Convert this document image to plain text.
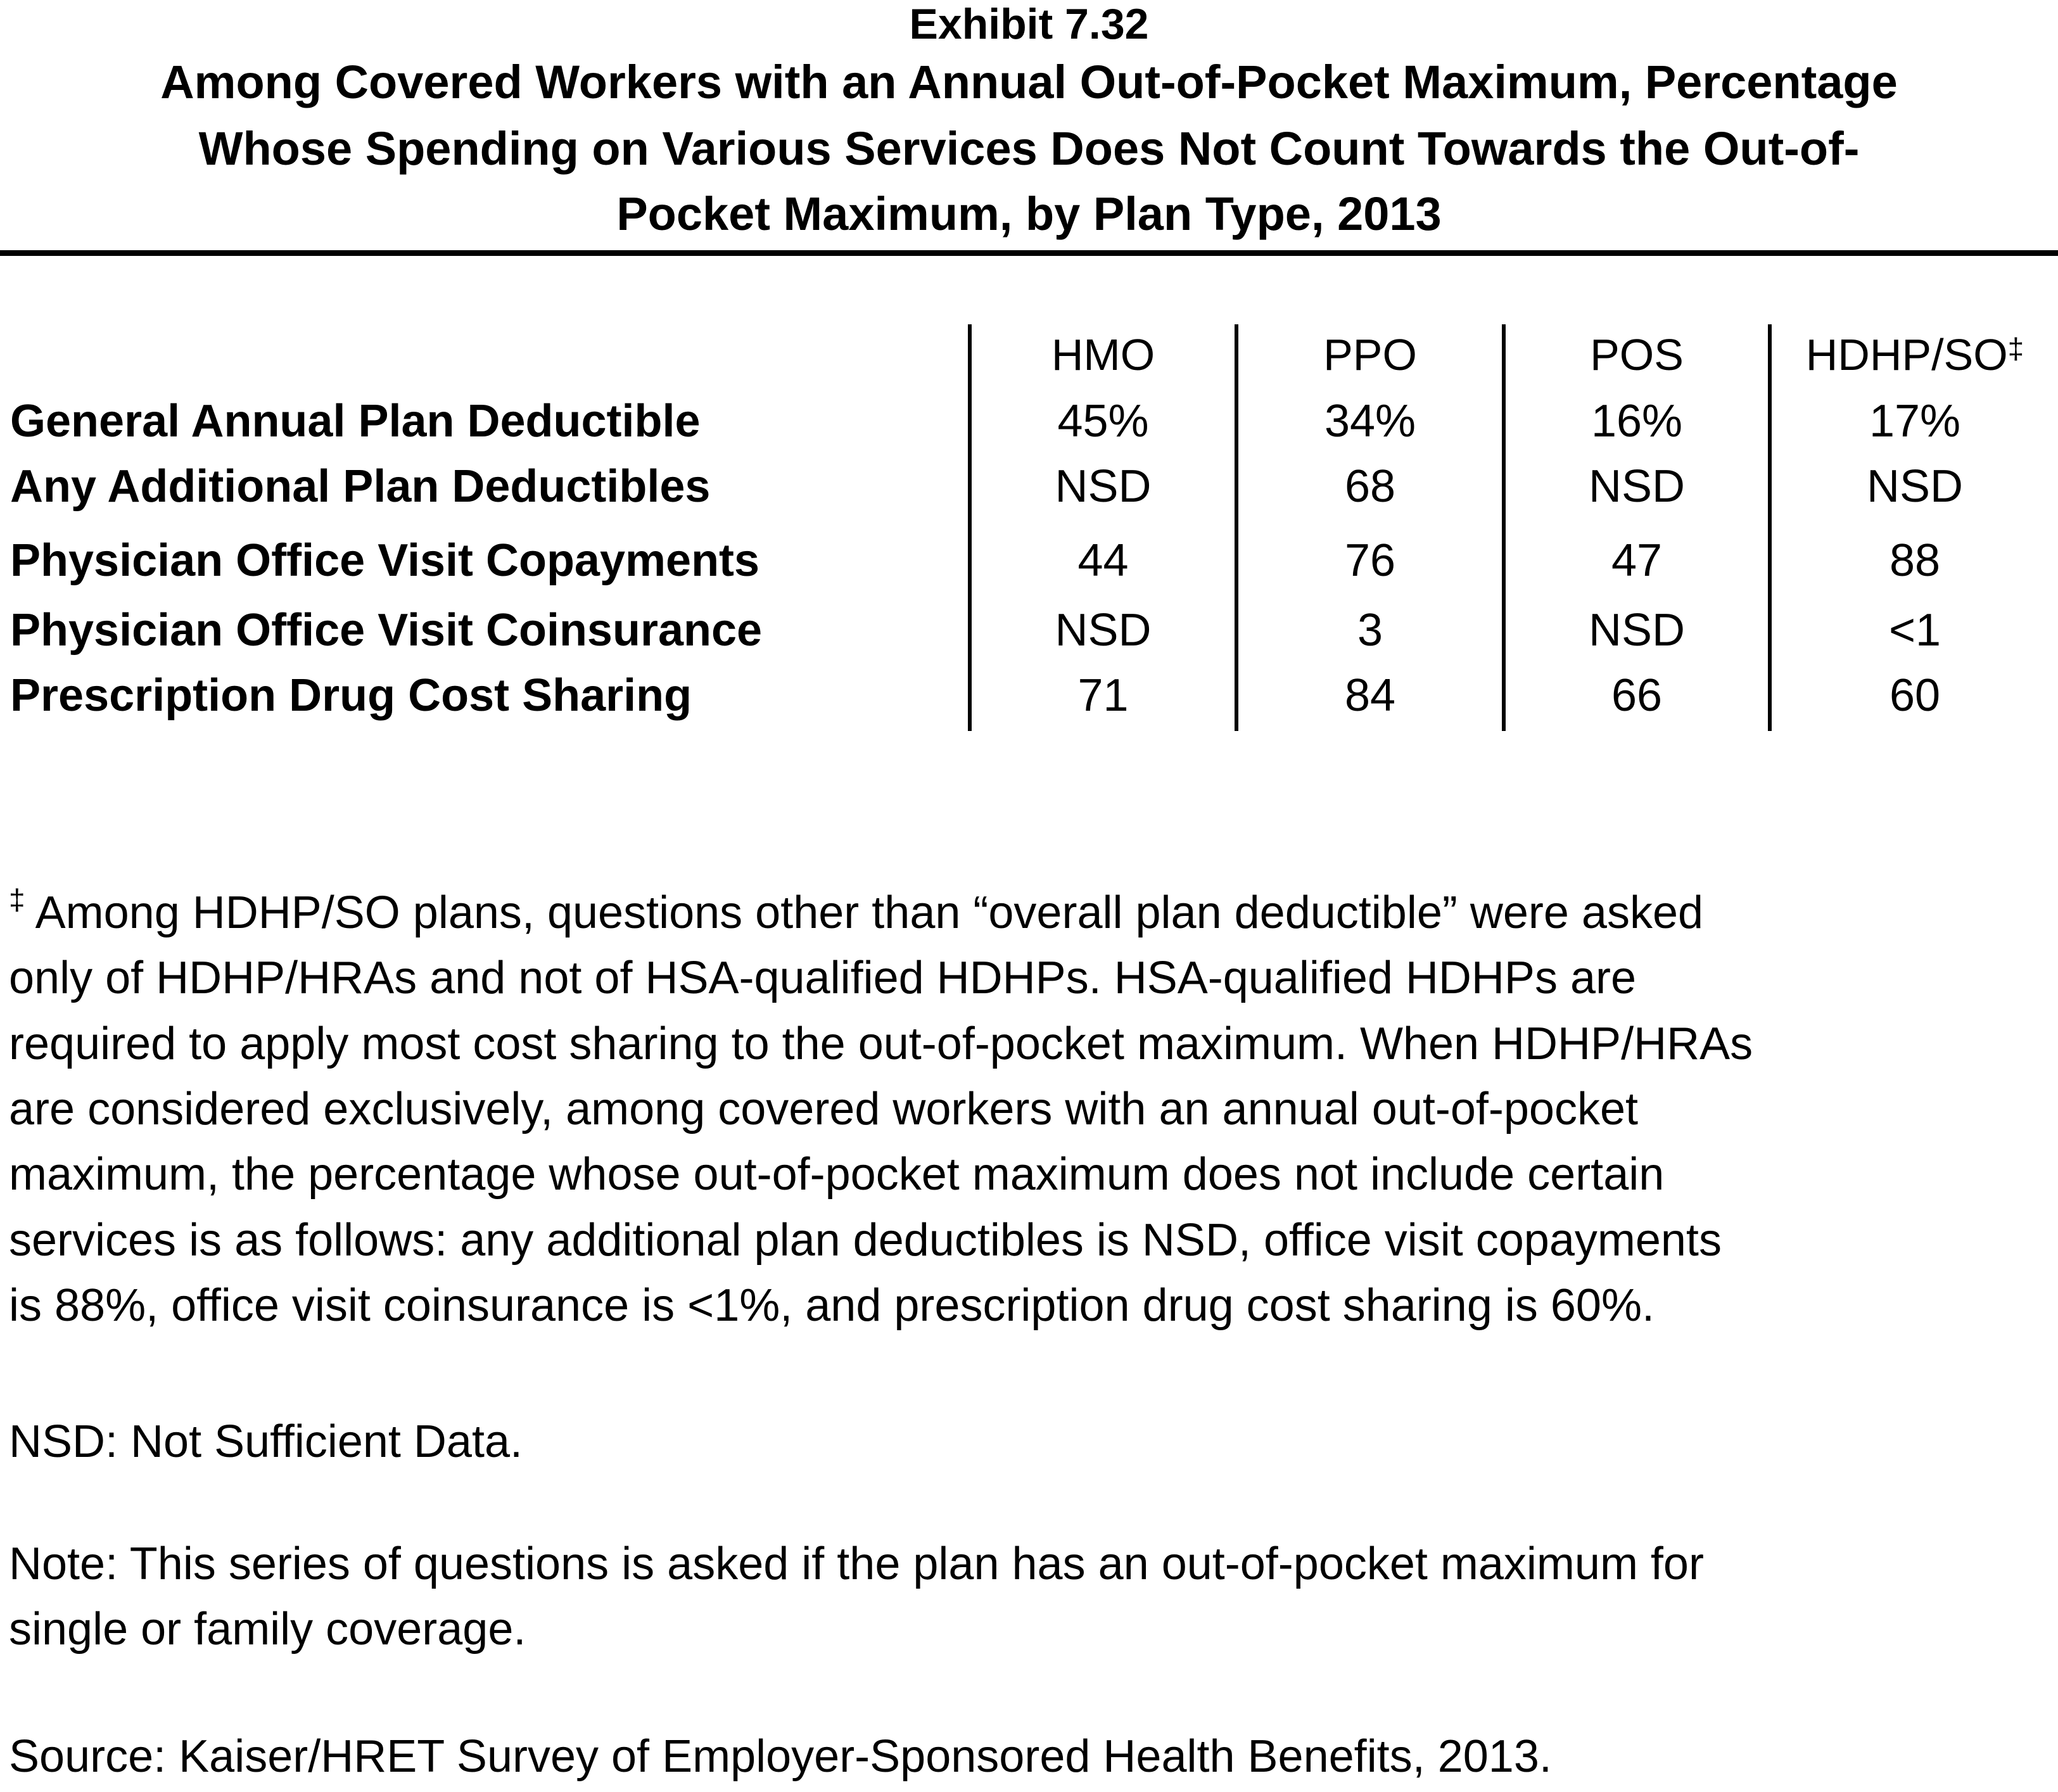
Exhibit 7.32
Among Covered Workers with an Annual Out-of-Pocket Maximum, Percentage
Whose Spending on Various Services Does Not Count Towards the Out-of-
Pocket Maximum, by Plan Type, 2013
HMO	PPO	POS	HDHP/SO‡
General Annual Plan Deductible	45%	34%	16%	17%
Any Additional Plan Deductibles	NSD	68	NSD	NSD
Physician Office Visit Copayments	44	76	47	88
Physician Office Visit Coinsurance	NSD	3	NSD	<1
Prescription Drug Cost Sharing	71	84	66	60
‡ Among HDHP/SO plans, questions other than “overall plan deductible” were asked
only of HDHP/HRAs and not of HSA-qualified HDHPs. HSA-qualified HDHPs are
required to apply most cost sharing to the out-of-pocket maximum. When HDHP/HRAs
are considered exclusively, among covered workers with an annual out-of-pocket
maximum, the percentage whose out-of-pocket maximum does not include certain
services is as follows: any additional plan deductibles is NSD, office visit copayments
is 88%, office visit coinsurance is <1%, and prescription drug cost sharing is 60%.
NSD: Not Sufficient Data.
Note: This series of questions is asked if the plan has an out-of-pocket maximum for
single or family coverage.
Source: Kaiser/HRET Survey of Employer-Sponsored Health Benefits, 2013.
